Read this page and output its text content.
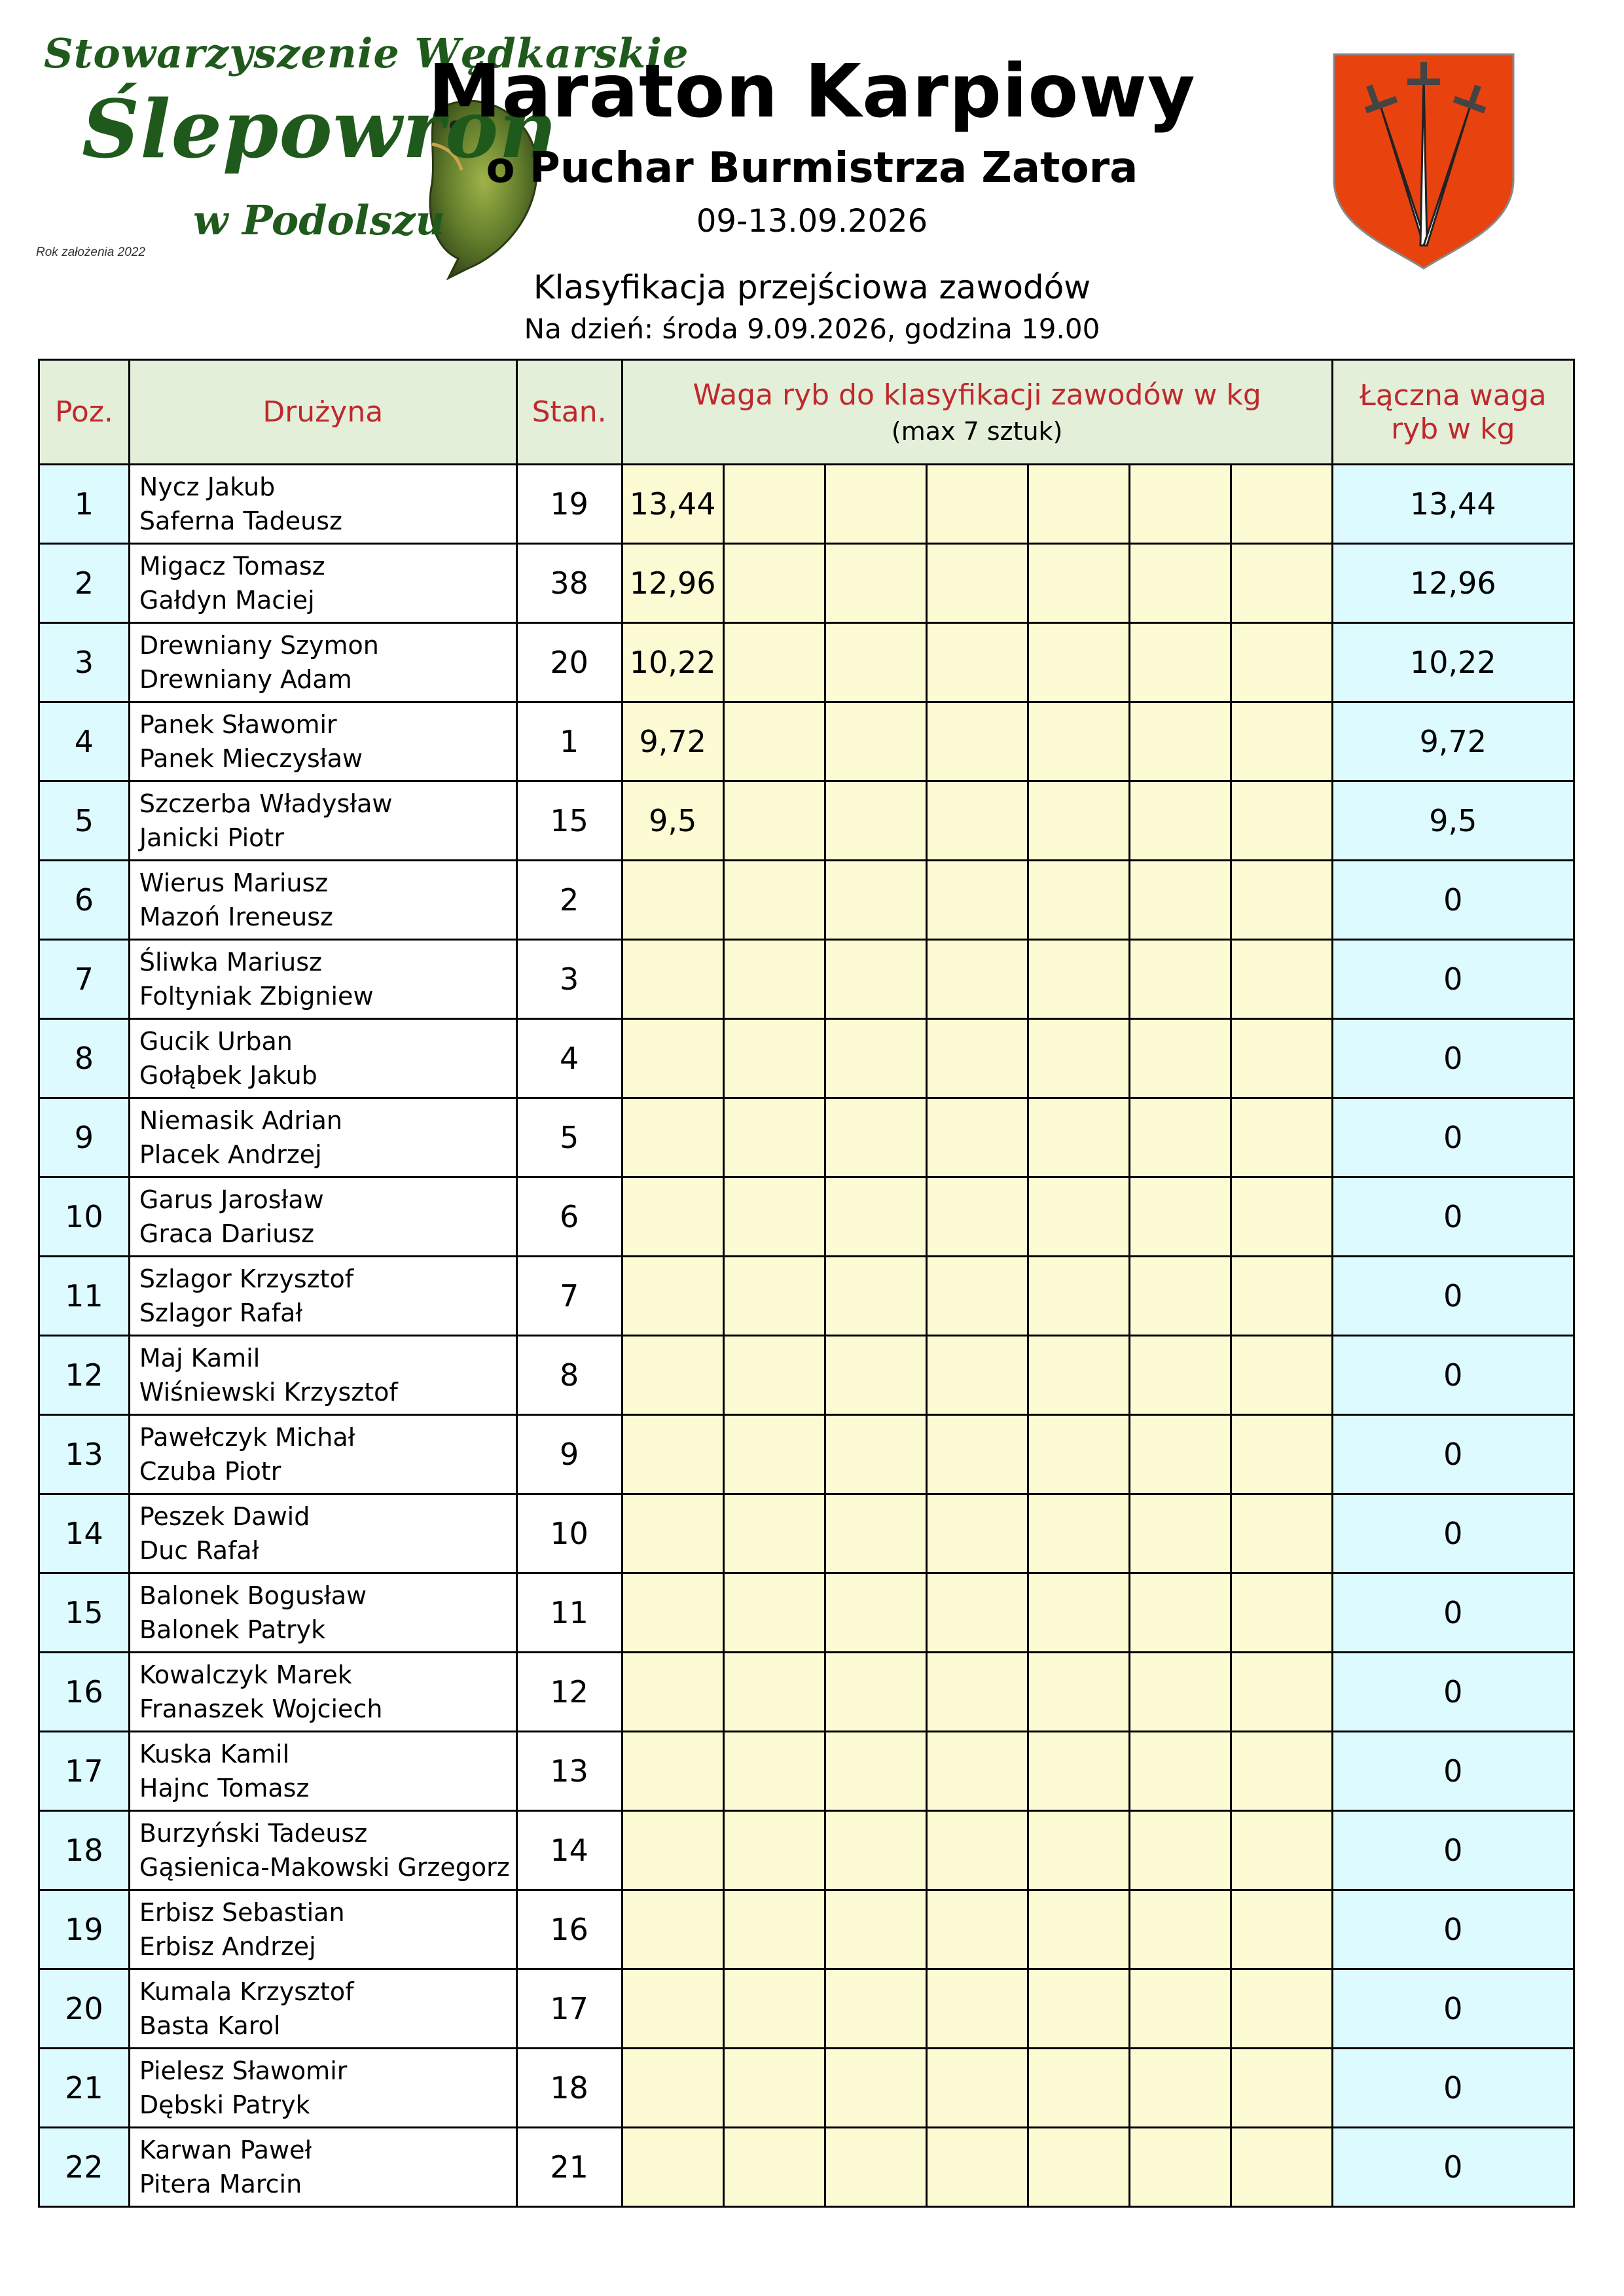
Stowarzyszenie Wędkarskie
Ślepowron
w Podolszu
Rok założenia 2022
Maraton Karpiowy
o Puchar Burmistrza Zatora
09-13.09.2026
Klasyfikacja przejściowa zawodów
Na dzień: środa 9.09.2026, godzina 19.00
Poz.	Drużyna	Stan.	Waga ryb do klasyfikacji zawodów w kg
(max 7 sztuk)							Łączna waga
ryb w kg
1	Nycz Jakub
Saferna Tadeusz	19	13,44							13,44
2	Migacz Tomasz
Gałdyn Maciej	38	12,96							12,96
3	Drewniany Szymon
Drewniany Adam	20	10,22							10,22
4	Panek Sławomir
Panek Mieczysław	1	9,72							9,72
5	Szczerba Władysław
Janicki Piotr	15	9,5							9,5
6	Wierus Mariusz
Mazoń Ireneusz	2								0
7	Śliwka Mariusz
Foltyniak Zbigniew	3								0
8	Gucik Urban
Gołąbek Jakub	4								0
9	Niemasik Adrian
Placek Andrzej	5								0
10	Garus Jarosław
Graca Dariusz	6								0
11	Szlagor Krzysztof
Szlagor Rafał	7								0
12	Maj Kamil
Wiśniewski Krzysztof	8								0
13	Pawełczyk Michał
Czuba Piotr	9								0
14	Peszek Dawid
Duc Rafał	10								0
15	Balonek Bogusław
Balonek Patryk	11								0
16	Kowalczyk Marek
Franaszek Wojciech	12								0
17	Kuska Kamil
Hajnc Tomasz	13								0
18	Burzyński Tadeusz
Gąsienica-Makowski Grzegorz	14								0
19	Erbisz Sebastian
Erbisz Andrzej	16								0
20	Kumala Krzysztof
Basta Karol	17								0
21	Pielesz Sławomir
Dębski Patryk	18								0
22	Karwan Paweł
Pitera Marcin	21								0
